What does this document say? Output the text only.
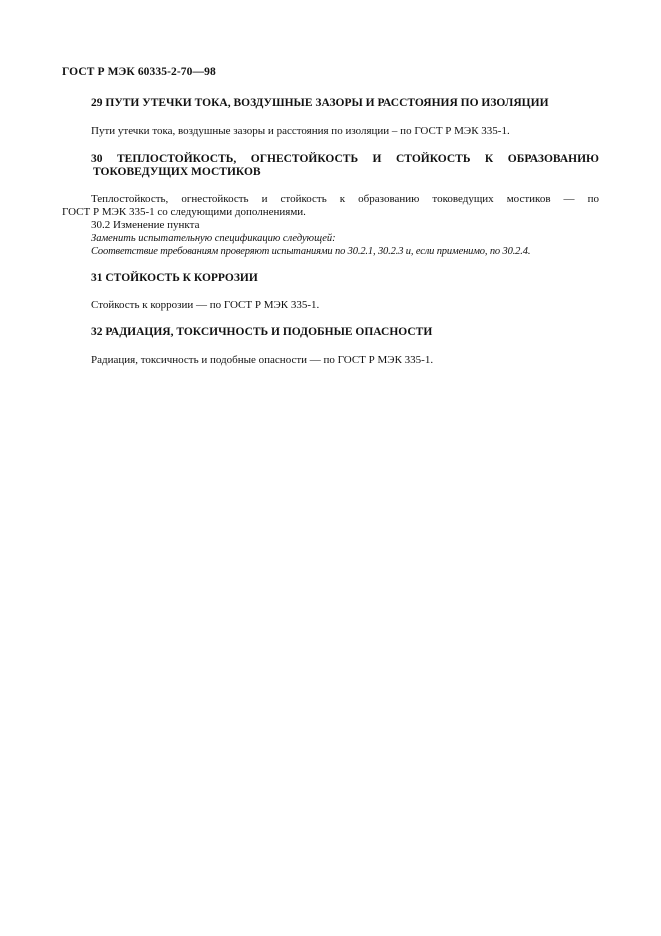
ГОСТ Р МЭК 60335-2-70—98
29 ПУТИ УТЕЧКИ ТОКА, ВОЗДУШНЫЕ ЗАЗОРЫ И РАССТОЯНИЯ ПО ИЗОЛЯЦИИ
Пути утечки тока, воздушные зазоры и расстояния по изоляции – по ГОСТ Р МЭК 335-1.
30 ТЕПЛОСТОЙКОСТЬ, ОГНЕСТОЙКОСТЬ И СТОЙКОСТЬ К ОБРАЗОВАНИЮ
ТОКОВЕДУЩИХ МОСТИКОВ
Теплостойкость, огнестойкость и стойкость к образованию токоведущих мостиков — по
ГОСТ Р МЭК 335-1 со следующими дополнениями.
30.2 Изменение пункта
Заменить испытательную спецификацию следующей:
Соответствие требованиям проверяют испытаниями по 30.2.1, 30.2.3 и, если применимо, по 30.2.4.
31 СТОЙКОСТЬ К КОРРОЗИИ
Стойкость к коррозии — по ГОСТ Р МЭК 335-1.
32 РАДИАЦИЯ, ТОКСИЧНОСТЬ И ПОДОБНЫЕ ОПАСНОСТИ
Радиация, токсичность и подобные опасности — по ГОСТ Р МЭК 335-1.
